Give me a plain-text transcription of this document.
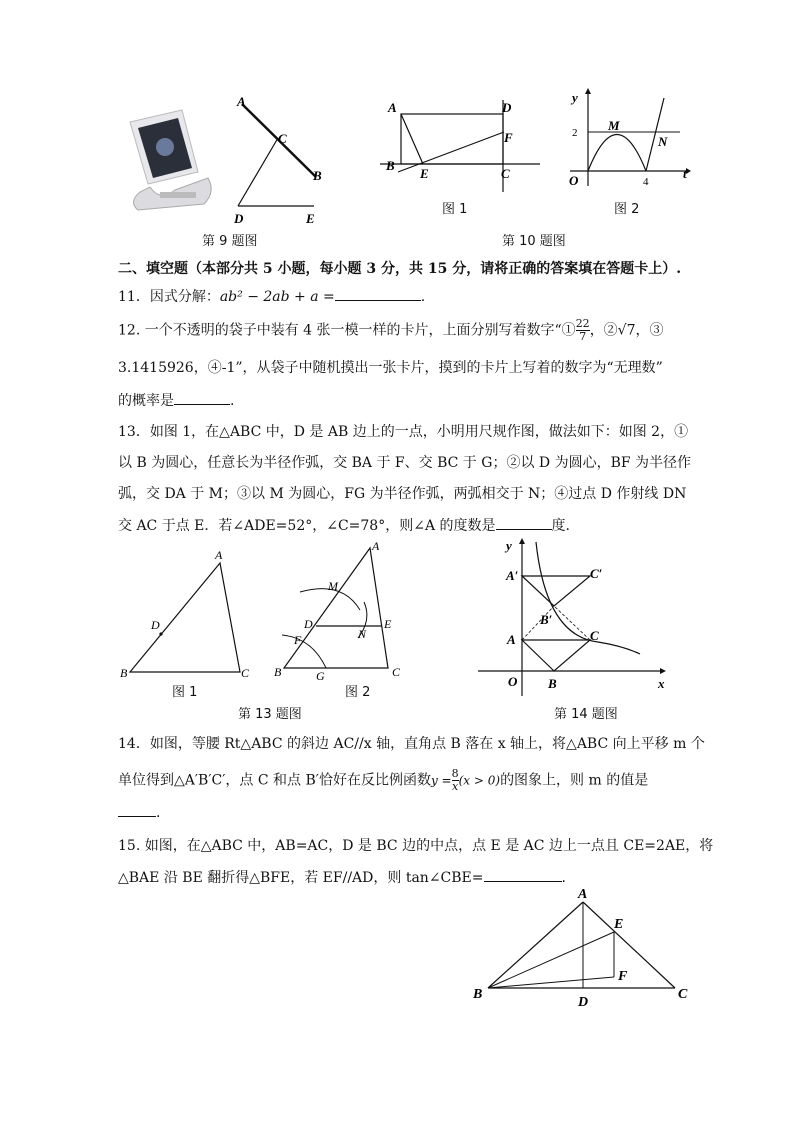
A
C
B
D	E
第 9 题图
A	D
F
B
E	C
图 1
y
t
2
O	4
M
N
图 2
第 10 题图
二、填空题（本部分共 5 小题，每小题 3 分，共 15 分，请将正确的答案填在答题卡上）.
11．因式分解：ab² − 2ab + a =	.
12. 一个不透明的袋子中装有 4 张一模一样的卡片，上面分别写着数字“① $\frac{22}{7}$ ，②√7，③
3.1415926，④-1”，从袋子中随机摸出一张卡片，摸到的卡片上写着的数字为“无理数”
的概率是	.
13．如图 1，在△ABC 中，D 是 AB 边上的一点，小明用尺规作图，做法如下：如图 2，①
以 B 为圆心，任意长为半径作弧，交 BA 于 F、交 BC 于 G；②以 D 为圆心，BF 为半径作
弧，交 DA 于 M；③以 M 为圆心，FG 为半径作弧，两弧相交于 N；④过点 D 作射线 DN
交 AC 于点 E．若∠ADE=52°，∠C=78°，则∠A 的度数是	度.
A
D
B	C
图 1
A
M
D	E
N
F
B	G	C
图 2
第 13 题图
y
x
O
A′	C′
B′
A	C
B
第 14 题图
14．如图，等腰 Rt△ABC 的斜边 AC//x 轴，直角点 B 落在 x 轴上，将△ABC 向上平移 m 个
单位得到△A′B′C′，点 C 和点 B′恰好在反比例函数$y = \frac{8}{x} (x > 0)$的图象上，则 m 的值是
.
15. 如图，在△ABC 中，AB=AC，D 是 BC 边的中点，点 E 是 AC 边上一点且 CE=2AE，将
△BAE 沿 BE 翻折得△BFE，若 EF//AD，则 tan∠CBE=	.
A
E
F
B
D
C
